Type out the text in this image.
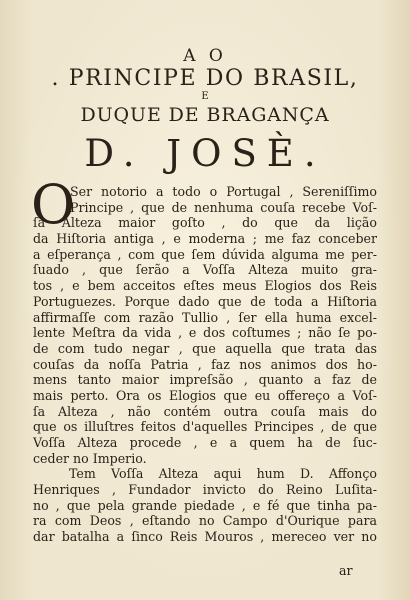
A O
. PRINCIPE DO BRASIL,
E
DUQUE DE BRAGANÇA
D. JOSÈ.
O
Ser notorio a todo o Portugal , Sereniſſimo
Principe , que de nenhuma couſa recebe Voſ-
ſa Alteza maior goſto , do que da lição
da Hiſtoria antiga , e moderna ; me faz conceber
a eſperança , com que ſem dúvida alguma me per-
ſuado , que ſerão a Voſſa Alteza muito gra-
tos , e bem acceitos eſtes meus Elogios dos Reis
Portuguezes. Porque dado que de toda a Hiſtoria
affirmaſſe com razão Tullio , ſer ella huma excel-
lente Meſtra da vida , e dos coſtumes ; não ſe po-
de com tudo negar , que aquella que trata das
couſas da noſſa Patria , faz nos animos dos ho-
mens tanto maior impreſsão , quanto a faz de
mais perto. Ora os Elogios que eu offereço a Voſ-
ſa Alteza , não contém outra couſa mais do
que os illuſtres feitos d'aquelles Principes , de que
Voſſa Alteza procede , e a quem ha de ſuc-
ceder no Imperio.
Tem Voſſa Alteza aqui hum D. Affonço
Henriques , Fundador invicto do Reino Luſita-
no , que pela grande piedade , e fé que tinha pa-
ra com Deos , eſtando no Campo d'Ourique para
dar batalha a ſinco Reis Mouros , mereceo ver no
ar
